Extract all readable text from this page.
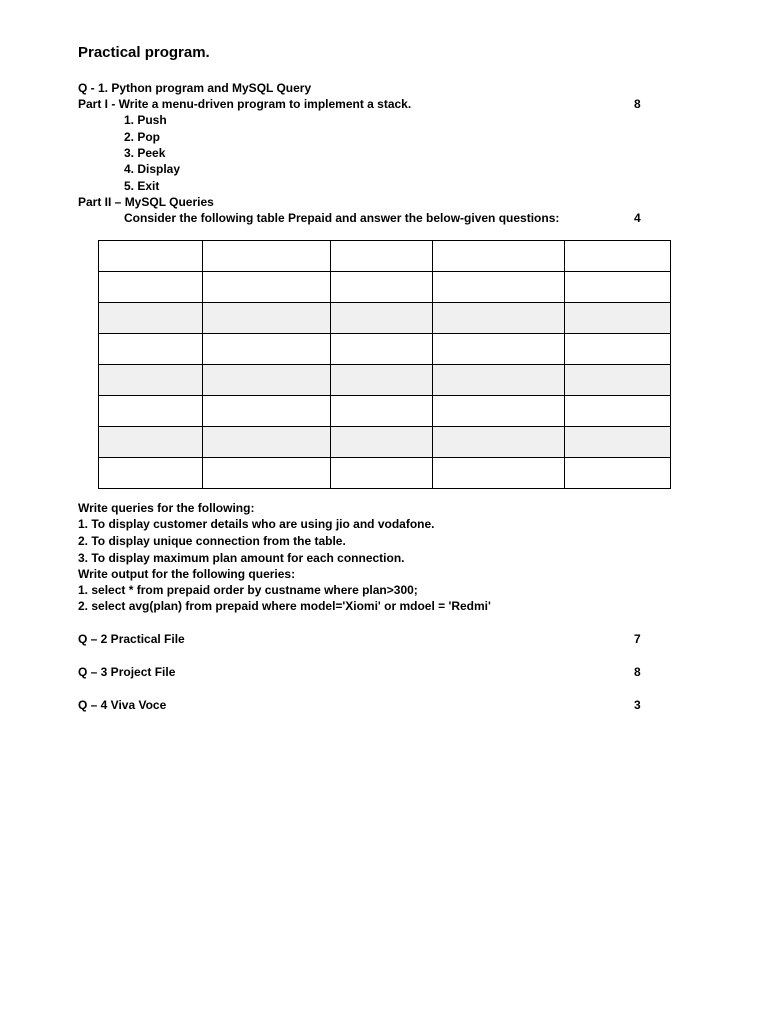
Practical program.
Q - 1. Python program and MySQL Query
Part I - Write a menu-driven program to implement a stack.	8
1. Push
2. Pop
3. Peek
4. Display
5. Exit
Part II – MySQL Queries
Consider the following table Prepaid and answer the below-given questions:	4

Write queries for the following:
1. To display customer details who are using jio and vodafone.
2. To display unique connection from the table.
3. To display maximum plan amount for each connection.
Write output for the following queries:
1. select * from prepaid order by custname where plan>300;
2. select avg(plan) from prepaid where model='Xiomi' or mdoel = 'Redmi'
Q – 2 Practical File	7
Q – 3 Project File	8
Q – 4 Viva Voce	3
